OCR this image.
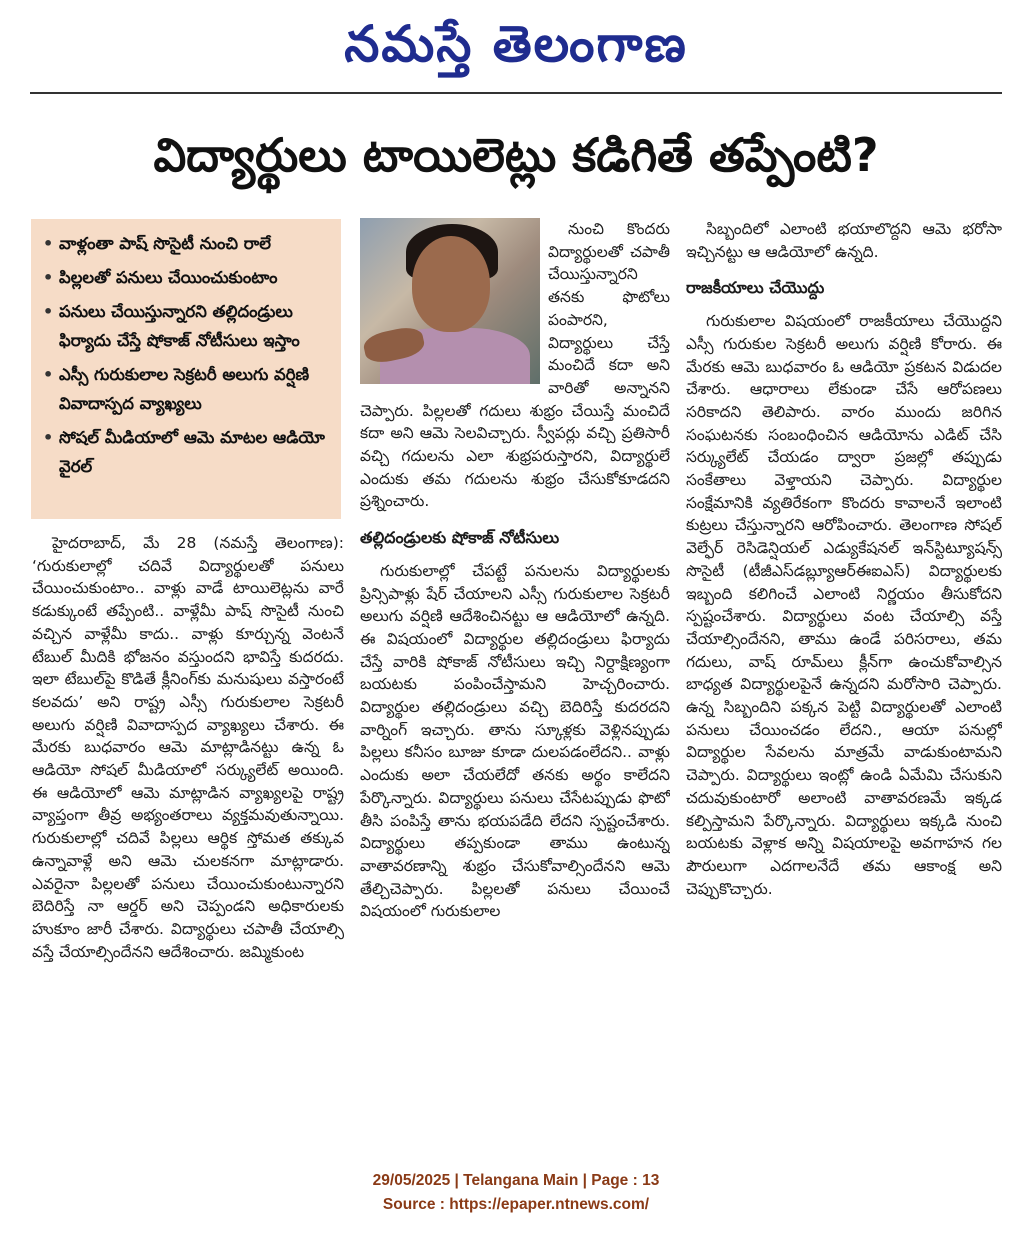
నమస్తే తెలంగాణ
విద్యార్థులు టాయిలెట్లు కడిగితే తప్పేంటి?
• వాళ్లంతా పాష్ సొసైటీ నుంచి రాలే
• పిల్లలతో పనులు చేయించుకుంటాం
• పనులు చేయిస్తున్నారని తల్లిదండ్రులు ఫిర్యాదు చేస్తే షోకాజ్ నోటీసులు ఇస్తాం
• ఎస్సీ గురుకులాల సెక్రటరీ అలుగు వర్షిణి వివాదాస్పద వ్యాఖ్యలు
• సోషల్ మీడియాలో ఆమె మాటల ఆడియో వైరల్

హైదరాబాద్, మే 28 (నమస్తే తెలంగాణ): ‘గురుకులాల్లో చదివే విద్యార్థులతో పనులు చేయించుకుంటాం.. వాళ్లు వాడే టాయిలెట్లను వారే కడుక్కుంటే తప్పేంటి.. వాళ్లేమీ పాష్ సొసైటీ నుంచి వచ్చిన వాళ్లేమీ కాదు.. వాళ్లు కూర్చున్న వెంటనే టేబుల్ మీదికి భోజనం వస్తుందని భావిస్తే కుదరదు. ఇలా టేబుల్‌పై కొడితే క్లీనింగ్‌కు మనుషులు వస్తారంటే కలవదు’ అని రాష్ట్ర ఎస్సీ గురుకులాల సెక్రటరీ అలుగు వర్షిణి వివాదాస్పద వ్యాఖ్యలు చేశారు. ఈ మేరకు బుధవారం ఆమె మాట్లాడినట్టు ఉన్న ఓ ఆడియో సోషల్ మీడియాలో సర్క్యులేట్ అయింది. ఈ ఆడియోలో ఆమె మాట్లాడిన వ్యాఖ్యలపై రాష్ట్ర వ్యాప్తంగా తీవ్ర అభ్యంతరాలు వ్యక్తమవుతున్నాయి. గురుకులాల్లో చదివే పిల్లలు ఆర్థిక స్తోమత తక్కువ ఉన్నావాళ్లే అని ఆమె చులకనగా మాట్లాడారు. ఎవరైనా పిల్లలతో పనులు చేయించుకుంటున్నారని బెదిరిస్తే నా ఆర్డర్ అని చెప్పండని అధికారులకు హుకూం జారీ చేశారు. విద్యార్థులు చపాతీ చేయాల్సి వస్తే చేయాల్సిందేనని ఆదేశించారు. జమ్మికుంట

నుంచి కొందరు విద్యార్థులతో చపాతీ చేయిస్తున్నారని తనకు ఫొటోలు పంపారని, విద్యార్థులు చేస్తే మంచిదే కదా అని వారితో అన్నానని చెప్పారు. పిల్లలతో గదులు శుభ్రం చేయిస్తే మంచిదే కదా అని ఆమె సెలవిచ్చారు. స్వీపర్లు వచ్చి ప్రతిసారీ వచ్చి గదులను ఎలా శుభ్రపరుస్తారని, విద్యార్థులే ఎందుకు తమ గదులను శుభ్రం చేసుకోకూడదని ప్రశ్నించారు.

తల్లిదండ్రులకు షోకాజ్ నోటీసులు

గురుకులాల్లో చేపట్టే పనులను విద్యార్థులకు ప్రిన్సిపాళ్లు షేర్ చేయాలని ఎస్సీ గురుకులాల సెక్రటరీ అలుగు వర్షిణి ఆదేశించినట్టు ఆ ఆడియోలో ఉన్నది. ఈ విషయంలో విద్యార్థుల తల్లిదండ్రులు ఫిర్యాదు చేస్తే వారికి షోకాజ్ నోటీసులు ఇచ్చి నిర్దాక్షిణ్యంగా బయటకు పంపించేస్తామని హెచ్చరించారు. విద్యార్థుల తల్లిదండ్రులు వచ్చి బెదిరిస్తే కుదరదని వార్నింగ్ ఇచ్చారు. తాను స్కూళ్లకు వెళ్లినప్పుడు పిల్లలు కనీసం బూజు కూడా దులపడంలేదని.. వాళ్లు ఎందుకు అలా చేయలేదో తనకు అర్థం కాలేదని పేర్కొన్నారు. విద్యార్థులు పనులు చేసేటప్పుడు ఫొటో తీసి పంపిస్తే తాను భయపడేది లేదని స్పష్టంచేశారు. విద్యార్థులు తప్పకుండా తాము ఉంటున్న వాతావరణాన్ని శుభ్రం చేసుకోవాల్సిందేనని ఆమె తేల్చిచెప్పారు. పిల్లలతో పనులు చేయించే విషయంలో గురుకులాల

సిబ్బందిలో ఎలాంటి భయాలొద్దని ఆమె భరోసా ఇచ్చినట్టు ఆ ఆడియోలో ఉన్నది.

రాజకీయాలు చేయొద్దు

గురుకులాల విషయంలో రాజకీయాలు చేయొద్దని ఎస్సీ గురుకుల సెక్రటరీ అలుగు వర్షిణి కోరారు. ఈ మేరకు ఆమె బుధవారం ఓ ఆడియో ప్రకటన విడుదల చేశారు. ఆధారాలు లేకుండా చేసే ఆరోపణలు సరికాదని తెలిపారు. వారం ముందు జరిగిన సంఘటనకు సంబంధించిన ఆడియోను ఎడిట్ చేసి సర్క్యులేట్ చేయడం ద్వారా ప్రజల్లో తప్పుడు సంకేతాలు వెళ్తాయని చెప్పారు. విద్యార్థుల సంక్షేమానికి వ్యతిరేకంగా కొందరు కావాలనే ఇలాంటి కుట్రలు చేస్తున్నారని ఆరోపించారు. తెలంగాణ సోషల్ వెల్ఫేర్ రెసిడెన్షియల్ ఎడ్యుకేషనల్ ఇన్‌స్టిట్యూషన్స్ సొసైటీ (టీజీఎస్‌డబ్ల్యూఆర్‌ఈఐఎస్) విద్యార్థులకు ఇబ్బంది కలిగించే ఎలాంటి నిర్ణయం తీసుకోదని స్పష్టంచేశారు. విద్యార్థులు వంట చేయాల్సి వస్తే చేయాల్సిందేనని, తాము ఉండే పరిసరాలు, తమ గదులు, వాష్ రూమ్‌లు క్లీన్‌గా ఉంచుకోవాల్సిన బాధ్యత విద్యార్థులపైనే ఉన్నదని మరోసారి చెప్పారు. ఉన్న సిబ్బందిని పక్కన పెట్టి విద్యార్థులతో ఎలాంటి పనులు చేయించడం లేదని., ఆయా పనుల్లో విద్యార్థుల సేవలను మాత్రమే వాడుకుంటామని చెప్పారు. విద్యార్థులు ఇంట్లో ఉండి ఏమేమి చేసుకుని చదువుకుంటారో అలాంటి వాతావరణమే ఇక్కడ కల్పిస్తామని పేర్కొన్నారు. విద్యార్థులు ఇక్కడి నుంచి బయటకు వెళ్లాక అన్ని విషయాలపై అవగాహన గల పౌరులుగా ఎదగాలనేదే తమ ఆకాంక్ష అని చెప్పుకొచ్చారు.

29/05/2025 | Telangana Main | Page : 13
Source : https://epaper.ntnews.com/
